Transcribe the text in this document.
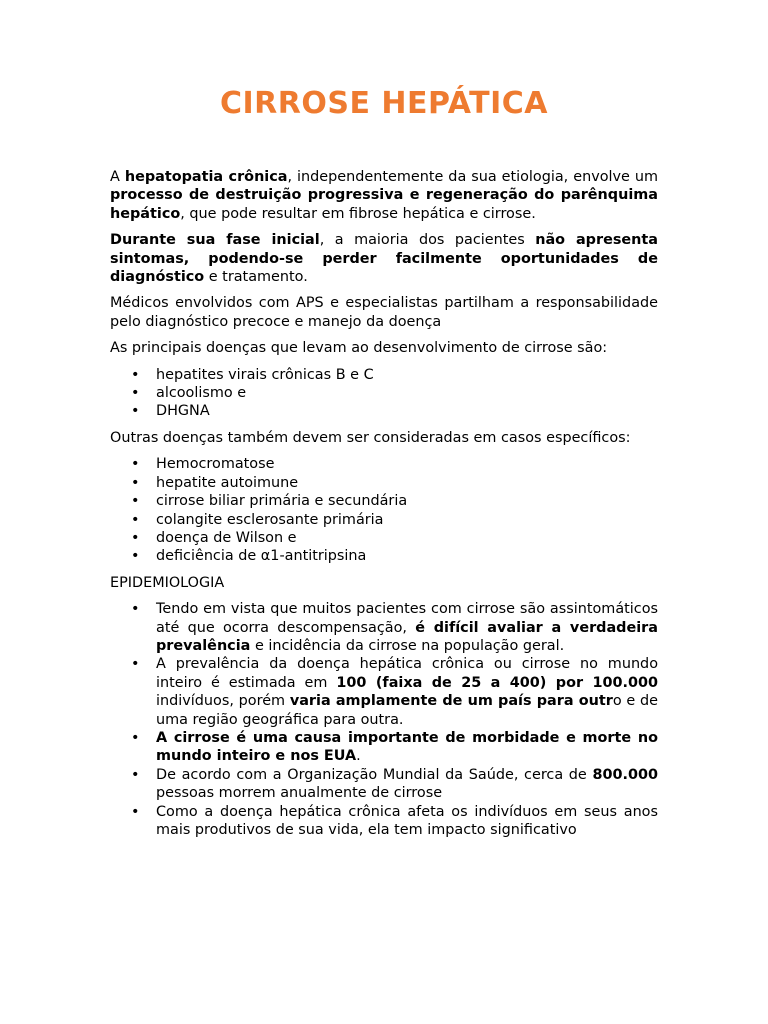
CIRROSE HEPÁTICA

A hepatopatia crônica, independentemente da sua etiologia, envolve um processo de destruição progressiva e regeneração do parênquima hepático, que pode resultar em fibrose hepática e cirrose.

Durante sua fase inicial, a maioria dos pacientes não apresenta sintomas, podendo-se perder facilmente oportunidades de diagnóstico e tratamento.

Médicos envolvidos com APS e especialistas partilham a responsabilidade pelo diagnóstico precoce e manejo da doença

As principais doenças que levam ao desenvolvimento de cirrose são:

• hepatites virais crônicas B e C
• alcoolismo e
• DHGNA

Outras doenças também devem ser consideradas em casos específicos:

• Hemocromatose
• hepatite autoimune
• cirrose biliar primária e secundária
• colangite esclerosante primária
• doença de Wilson e
• deficiência de α1-antitripsina

EPIDEMIOLOGIA

• Tendo em vista que muitos pacientes com cirrose são assintomáticos até que ocorra descompensação, é difícil avaliar a verdadeira prevalência e incidência da cirrose na população geral.
• A prevalência da doença hepática crônica ou cirrose no mundo inteiro é estimada em 100 (faixa de 25 a 400) por 100.000 indivíduos, porém varia amplamente de um país para outro e de uma região geográfica para outra.
• A cirrose é uma causa importante de morbidade e morte no mundo inteiro e nos EUA.
• De acordo com a Organização Mundial da Saúde, cerca de 800.000 pessoas morrem anualmente de cirrose
• Como a doença hepática crônica afeta os indivíduos em seus anos mais produtivos de sua vida, ela tem impacto significativo
